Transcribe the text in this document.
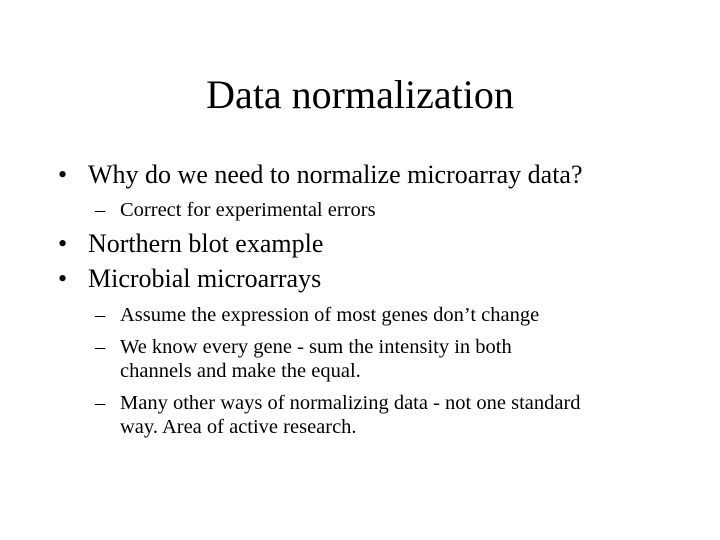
Data normalization
• Why do we need to normalize microarray data?
– Correct for experimental errors
• Northern blot example
• Microbial microarrays
– Assume the expression of most genes don’t change
– We know every gene - sum the intensity in both
channels and make the equal.
– Many other ways of normalizing data - not one standard
way. Area of active research.
